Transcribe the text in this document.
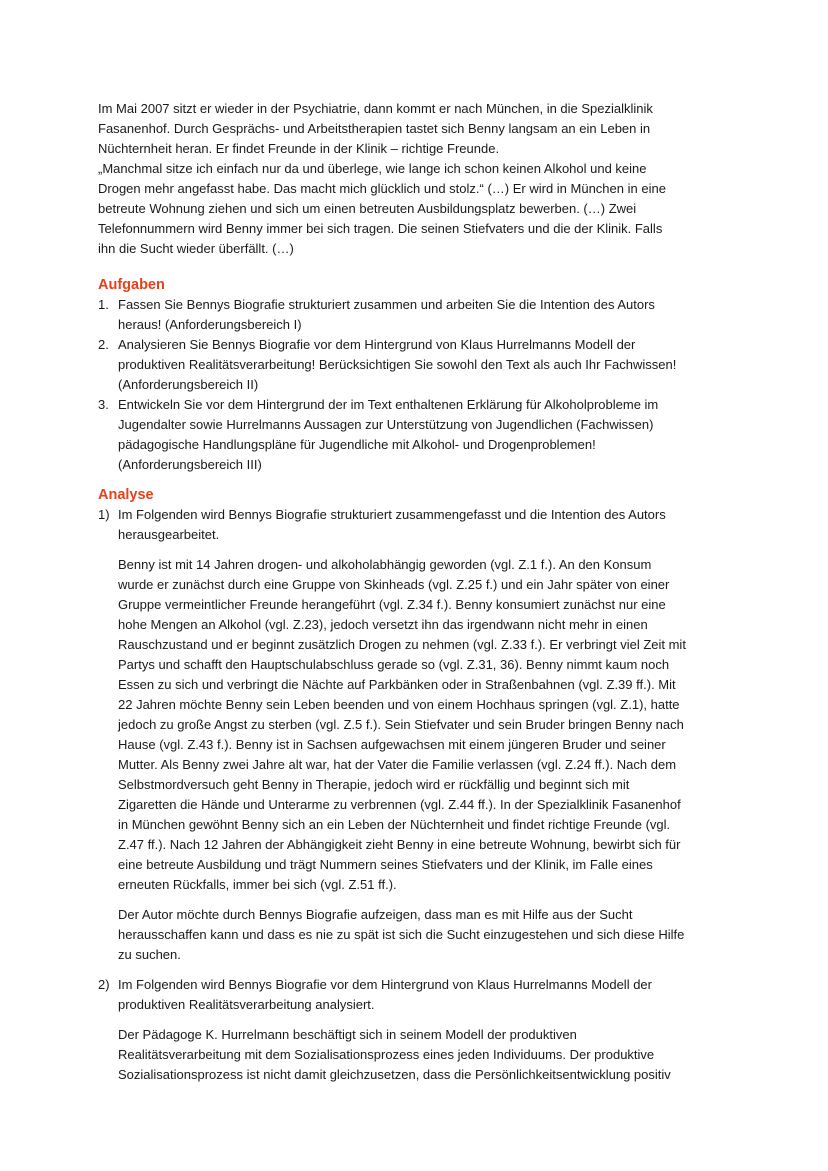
Im Mai 2007 sitzt er wieder in der Psychiatrie, dann kommt er nach München, in die Spezialklinik
Fasanenhof. Durch Gesprächs- und Arbeitstherapien tastet sich Benny langsam an ein Leben in
Nüchternheit heran. Er findet Freunde in der Klinik – richtige Freunde.
„Manchmal sitze ich einfach nur da und überlege, wie lange ich schon keinen Alkohol und keine
Drogen mehr angefasst habe. Das macht mich glücklich und stolz.“ (…) Er wird in München in eine
betreute Wohnung ziehen und sich um einen betreuten Ausbildungsplatz bewerben. (…) Zwei
Telefonnummern wird Benny immer bei sich tragen. Die seinen Stiefvaters und die der Klinik. Falls
ihn die Sucht wieder überfällt. (…)
Aufgaben
1. Fassen Sie Bennys Biografie strukturiert zusammen und arbeiten Sie die Intention des Autors
heraus! (Anforderungsbereich I)
2. Analysieren Sie Bennys Biografie vor dem Hintergrund von Klaus Hurrelmanns Modell der
produktiven Realitätsverarbeitung! Berücksichtigen Sie sowohl den Text als auch Ihr Fachwissen!
(Anforderungsbereich II)
3. Entwickeln Sie vor dem Hintergrund der im Text enthaltenen Erklärung für Alkoholprobleme im
Jugendalter sowie Hurrelmanns Aussagen zur Unterstützung von Jugendlichen (Fachwissen)
pädagogische Handlungspläne für Jugendliche mit Alkohol- und Drogenproblemen!
(Anforderungsbereich III)
Analyse
1) Im Folgenden wird Bennys Biografie strukturiert zusammengefasst und die Intention des Autors
herausgearbeitet.
Benny ist mit 14 Jahren drogen- und alkoholabhängig geworden (vgl. Z.1 f.). An den Konsum
wurde er zunächst durch eine Gruppe von Skinheads (vgl. Z.25 f.) und ein Jahr später von einer
Gruppe vermeintlicher Freunde herangeführt (vgl. Z.34 f.). Benny konsumiert zunächst nur eine
hohe Mengen an Alkohol (vgl. Z.23), jedoch versetzt ihn das irgendwann nicht mehr in einen
Rauschzustand und er beginnt zusätzlich Drogen zu nehmen (vgl. Z.33 f.). Er verbringt viel Zeit mit
Partys und schafft den Hauptschulabschluss gerade so (vgl. Z.31, 36). Benny nimmt kaum noch
Essen zu sich und verbringt die Nächte auf Parkbänken oder in Straßenbahnen (vgl. Z.39 ff.). Mit
22 Jahren möchte Benny sein Leben beenden und von einem Hochhaus springen (vgl. Z.1), hatte
jedoch zu große Angst zu sterben (vgl. Z.5 f.). Sein Stiefvater und sein Bruder bringen Benny nach
Hause (vgl. Z.43 f.). Benny ist in Sachsen aufgewachsen mit einem jüngeren Bruder und seiner
Mutter. Als Benny zwei Jahre alt war, hat der Vater die Familie verlassen (vgl. Z.24 ff.). Nach dem
Selbstmordversuch geht Benny in Therapie, jedoch wird er rückfällig und beginnt sich mit
Zigaretten die Hände und Unterarme zu verbrennen (vgl. Z.44 ff.). In der Spezialklinik Fasanenhof
in München gewöhnt Benny sich an ein Leben der Nüchternheit und findet richtige Freunde (vgl.
Z.47 ff.). Nach 12 Jahren der Abhängigkeit zieht Benny in eine betreute Wohnung, bewirbt sich für
eine betreute Ausbildung und trägt Nummern seines Stiefvaters und der Klinik, im Falle eines
erneuten Rückfalls, immer bei sich (vgl. Z.51 ff.).
Der Autor möchte durch Bennys Biografie aufzeigen, dass man es mit Hilfe aus der Sucht
herausschaffen kann und dass es nie zu spät ist sich die Sucht einzugestehen und sich diese Hilfe
zu suchen.
2) Im Folgenden wird Bennys Biografie vor dem Hintergrund von Klaus Hurrelmanns Modell der
produktiven Realitätsverarbeitung analysiert.
Der Pädagoge K. Hurrelmann beschäftigt sich in seinem Modell der produktiven
Realitätsverarbeitung mit dem Sozialisationsprozess eines jeden Individuums. Der produktive
Sozialisationsprozess ist nicht damit gleichzusetzen, dass die Persönlichkeitsentwicklung positiv
